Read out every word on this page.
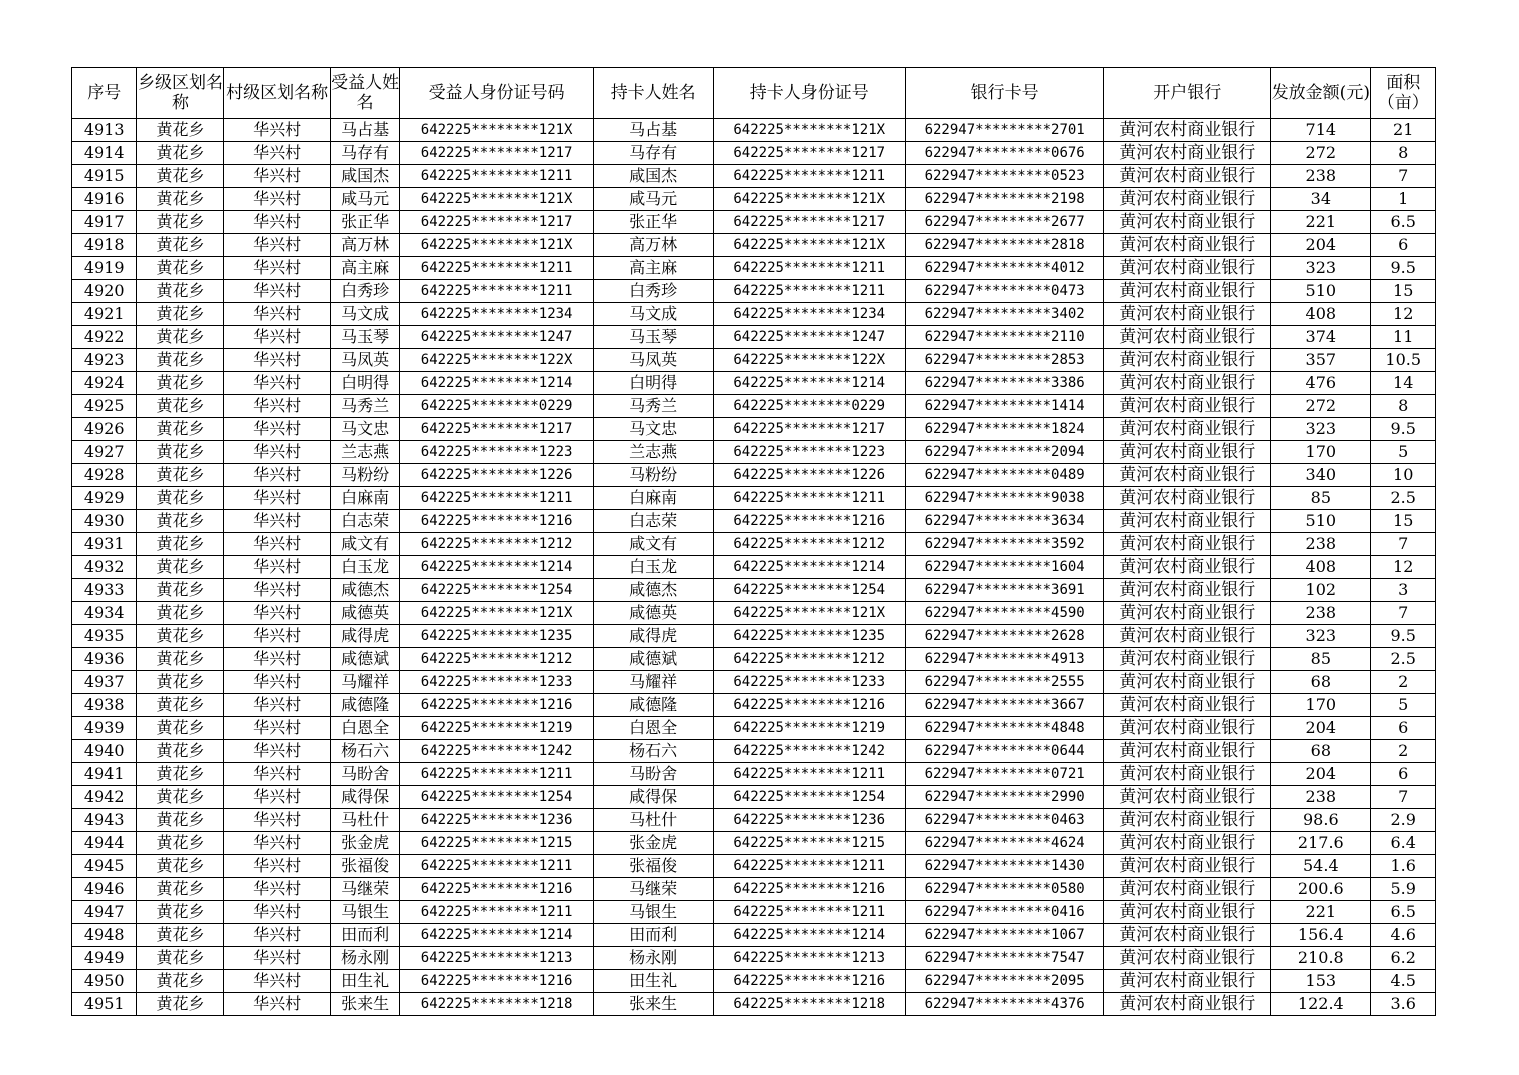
序号	乡级区划名称	村级区划名称	受益人姓名	受益人身份证号码	持卡人姓名	持卡人身份证号	银行卡号	开户银行	发放金额(元)	面积（亩）
4913	黄花乡	华兴村	马占基	642225********121X	马占基	642225********121X	622947*********2701	黄河农村商业银行	714	21
4914	黄花乡	华兴村	马存有	642225********1217	马存有	642225********1217	622947*********0676	黄河农村商业银行	272	8
4915	黄花乡	华兴村	咸国杰	642225********1211	咸国杰	642225********1211	622947*********0523	黄河农村商业银行	238	7
4916	黄花乡	华兴村	咸马元	642225********121X	咸马元	642225********121X	622947*********2198	黄河农村商业银行	34	1
4917	黄花乡	华兴村	张正华	642225********1217	张正华	642225********1217	622947*********2677	黄河农村商业银行	221	6.5
4918	黄花乡	华兴村	高万林	642225********121X	高万林	642225********121X	622947*********2818	黄河农村商业银行	204	6
4919	黄花乡	华兴村	高主麻	642225********1211	高主麻	642225********1211	622947*********4012	黄河农村商业银行	323	9.5
4920	黄花乡	华兴村	白秀珍	642225********1211	白秀珍	642225********1211	622947*********0473	黄河农村商业银行	510	15
4921	黄花乡	华兴村	马文成	642225********1234	马文成	642225********1234	622947*********3402	黄河农村商业银行	408	12
4922	黄花乡	华兴村	马玉琴	642225********1247	马玉琴	642225********1247	622947*********2110	黄河农村商业银行	374	11
4923	黄花乡	华兴村	马凤英	642225********122X	马凤英	642225********122X	622947*********2853	黄河农村商业银行	357	10.5
4924	黄花乡	华兴村	白明得	642225********1214	白明得	642225********1214	622947*********3386	黄河农村商业银行	476	14
4925	黄花乡	华兴村	马秀兰	642225********0229	马秀兰	642225********0229	622947*********1414	黄河农村商业银行	272	8
4926	黄花乡	华兴村	马文忠	642225********1217	马文忠	642225********1217	622947*********1824	黄河农村商业银行	323	9.5
4927	黄花乡	华兴村	兰志燕	642225********1223	兰志燕	642225********1223	622947*********2094	黄河农村商业银行	170	5
4928	黄花乡	华兴村	马粉纷	642225********1226	马粉纷	642225********1226	622947*********0489	黄河农村商业银行	340	10
4929	黄花乡	华兴村	白麻南	642225********1211	白麻南	642225********1211	622947*********9038	黄河农村商业银行	85	2.5
4930	黄花乡	华兴村	白志荣	642225********1216	白志荣	642225********1216	622947*********3634	黄河农村商业银行	510	15
4931	黄花乡	华兴村	咸文有	642225********1212	咸文有	642225********1212	622947*********3592	黄河农村商业银行	238	7
4932	黄花乡	华兴村	白玉龙	642225********1214	白玉龙	642225********1214	622947*********1604	黄河农村商业银行	408	12
4933	黄花乡	华兴村	咸德杰	642225********1254	咸德杰	642225********1254	622947*********3691	黄河农村商业银行	102	3
4934	黄花乡	华兴村	咸德英	642225********121X	咸德英	642225********121X	622947*********4590	黄河农村商业银行	238	7
4935	黄花乡	华兴村	咸得虎	642225********1235	咸得虎	642225********1235	622947*********2628	黄河农村商业银行	323	9.5
4936	黄花乡	华兴村	咸德斌	642225********1212	咸德斌	642225********1212	622947*********4913	黄河农村商业银行	85	2.5
4937	黄花乡	华兴村	马耀祥	642225********1233	马耀祥	642225********1233	622947*********2555	黄河农村商业银行	68	2
4938	黄花乡	华兴村	咸德隆	642225********1216	咸德隆	642225********1216	622947*********3667	黄河农村商业银行	170	5
4939	黄花乡	华兴村	白恩全	642225********1219	白恩全	642225********1219	622947*********4848	黄河农村商业银行	204	6
4940	黄花乡	华兴村	杨石六	642225********1242	杨石六	642225********1242	622947*********0644	黄河农村商业银行	68	2
4941	黄花乡	华兴村	马盼舍	642225********1211	马盼舍	642225********1211	622947*********0721	黄河农村商业银行	204	6
4942	黄花乡	华兴村	咸得保	642225********1254	咸得保	642225********1254	622947*********2990	黄河农村商业银行	238	7
4943	黄花乡	华兴村	马杜什	642225********1236	马杜什	642225********1236	622947*********0463	黄河农村商业银行	98.6	2.9
4944	黄花乡	华兴村	张金虎	642225********1215	张金虎	642225********1215	622947*********4624	黄河农村商业银行	217.6	6.4
4945	黄花乡	华兴村	张福俊	642225********1211	张福俊	642225********1211	622947*********1430	黄河农村商业银行	54.4	1.6
4946	黄花乡	华兴村	马继荣	642225********1216	马继荣	642225********1216	622947*********0580	黄河农村商业银行	200.6	5.9
4947	黄花乡	华兴村	马银生	642225********1211	马银生	642225********1211	622947*********0416	黄河农村商业银行	221	6.5
4948	黄花乡	华兴村	田而利	642225********1214	田而利	642225********1214	622947*********1067	黄河农村商业银行	156.4	4.6
4949	黄花乡	华兴村	杨永刚	642225********1213	杨永刚	642225********1213	622947*********7547	黄河农村商业银行	210.8	6.2
4950	黄花乡	华兴村	田生礼	642225********1216	田生礼	642225********1216	622947*********2095	黄河农村商业银行	153	4.5
4951	黄花乡	华兴村	张来生	642225********1218	张来生	642225********1218	622947*********4376	黄河农村商业银行	122.4	3.6
